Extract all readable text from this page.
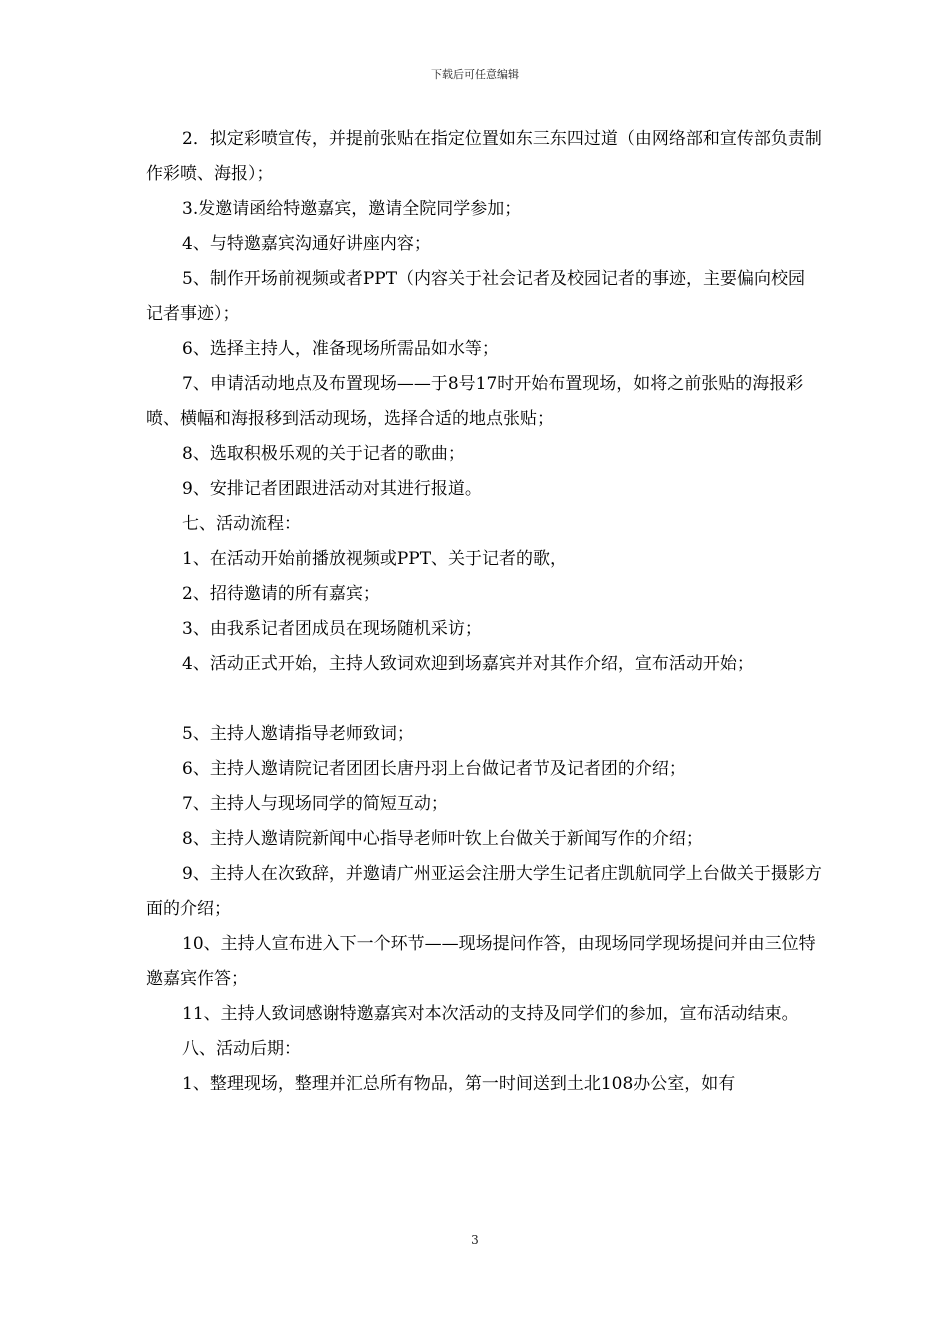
下载后可任意编辑

2．拟定彩喷宣传，并提前张贴在指定位置如东三东四过道（由网络部和宣传部负责制作彩喷、海报）；

3.发邀请函给特邀嘉宾，邀请全院同学参加；

4、与特邀嘉宾沟通好讲座内容；

5、制作开场前视频或者PPT（内容关于社会记者及校园记者的事迹，主要偏向校园记者事迹）；

6、选择主持人，准备现场所需品如水等；

7、申请活动地点及布置现场——于8号17时开始布置现场，如将之前张贴的海报彩喷、横幅和海报移到活动现场，选择合适的地点张贴；

8、选取积极乐观的关于记者的歌曲；

9、安排记者团跟进活动对其进行报道。

七、活动流程：

1、在活动开始前播放视频或PPT、关于记者的歌，

2、招待邀请的所有嘉宾；

3、由我系记者团成员在现场随机采访；

4、活动正式开始，主持人致词欢迎到场嘉宾并对其作介绍，宣布活动开始；

5、主持人邀请指导老师致词；

6、主持人邀请院记者团团长唐丹羽上台做记者节及记者团的介绍；

7、主持人与现场同学的简短互动；

8、主持人邀请院新闻中心指导老师叶钦上台做关于新闻写作的介绍；

9、主持人在次致辞，并邀请广州亚运会注册大学生记者庄凯航同学上台做关于摄影方面的介绍；

10、主持人宣布进入下一个环节——现场提问作答，由现场同学现场提问并由三位特邀嘉宾作答；

11、主持人致词感谢特邀嘉宾对本次活动的支持及同学们的参加，宣布活动结束。

八、活动后期：

1、整理现场，整理并汇总所有物品，第一时间送到土北108办公室，如有

3
